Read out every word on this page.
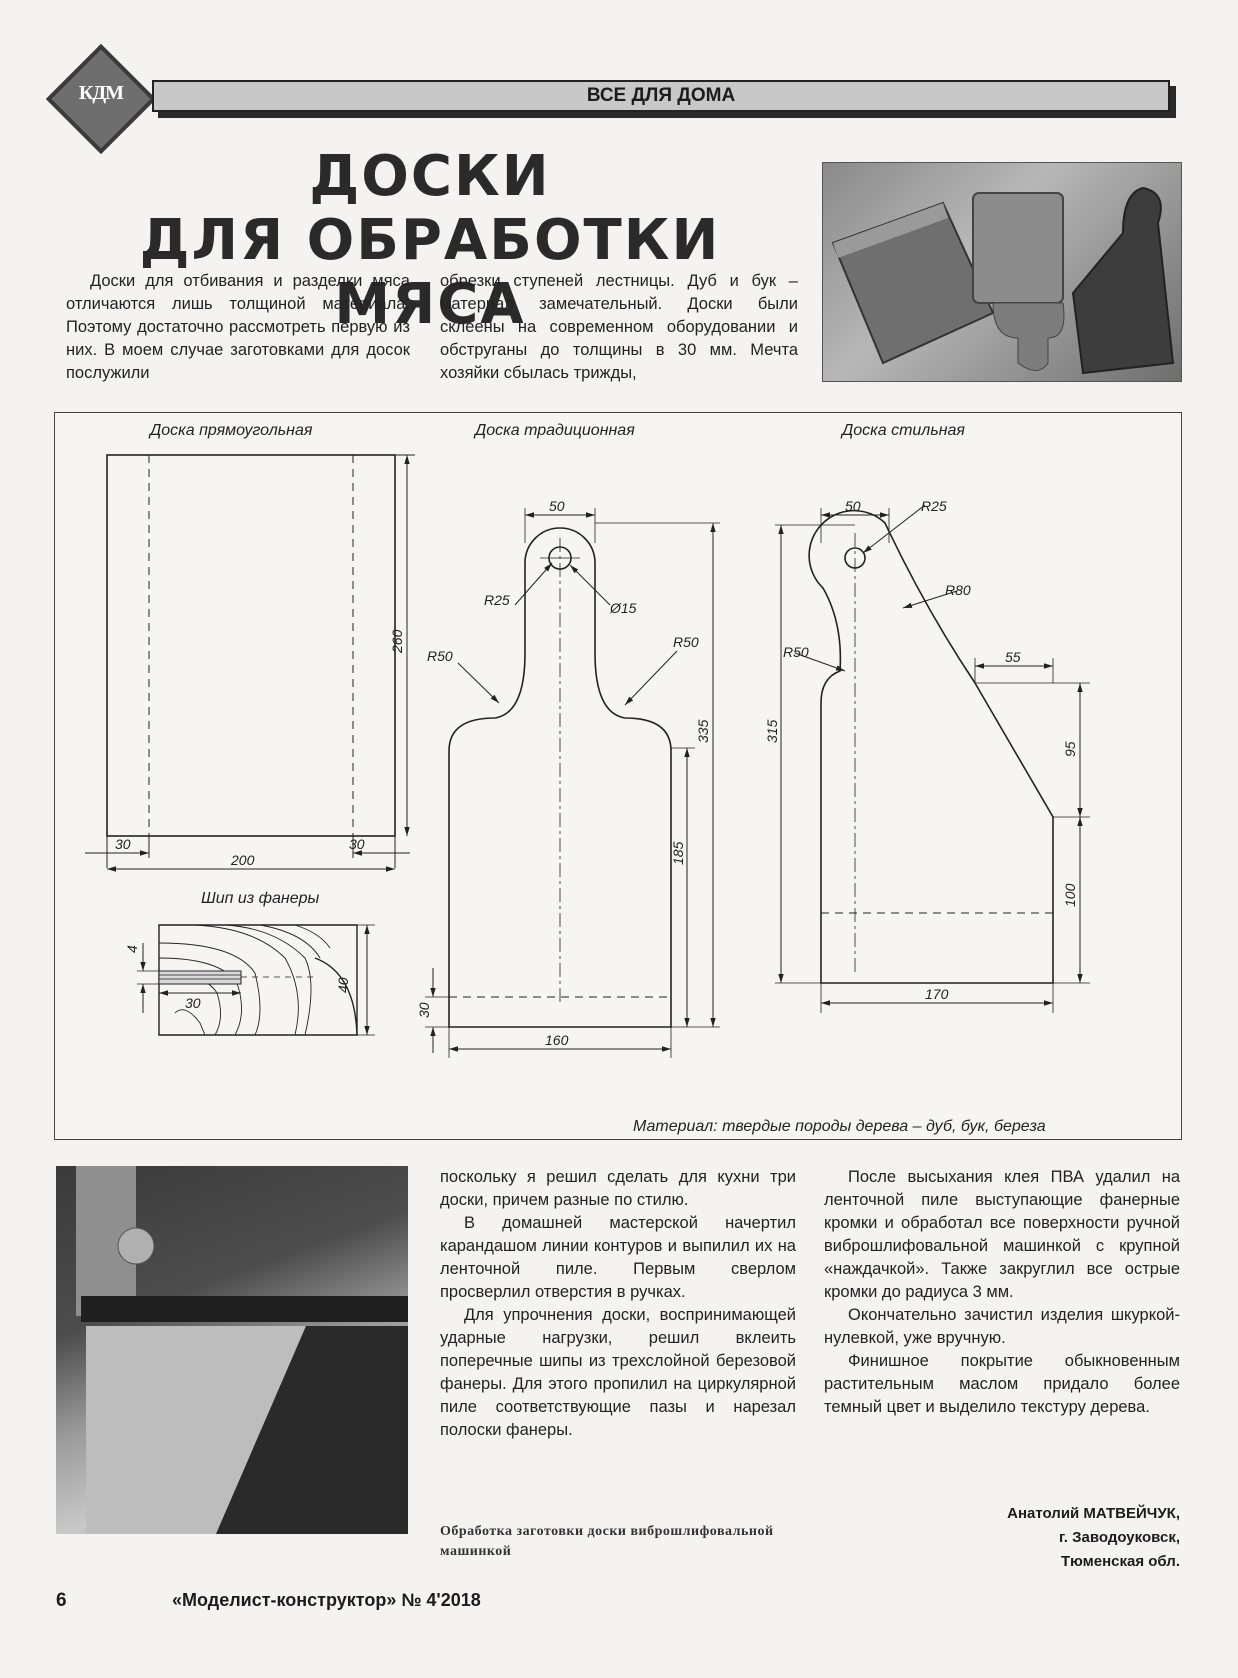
КДМ	ВСЕ ДЛЯ ДОМА
ДОСКИ
ДЛЯ ОБРАБОТКИ МЯСА

Доски для отбивания и разделки мяса отличаются лишь толщиной материала. Поэтому достаточно рассмотреть первую из них. В моем случае заготовками для досок послужили

обрезки ступеней лестницы. Дуб и бук – материал замечательный. Доски были склеены на современном оборудовании и обструганы до толщины в 30 мм. Мечта хозяйки сбылась трижды,

Доска прямоугольная	Доска традиционная	Доска стильная
Шип из фанеры
Материал: твердые породы дерева – дуб, бук, береза
30
200
30
260
4
30
40
50
R25	Ø15
R50
R50
335
185
30
160
50	R25
R80
R50	55
315
95
100
170

поскольку я решил сделать для кухни три доски, причем разные по стилю.

В домашней мастерской начертил карандашом линии контуров и выпилил их на ленточной пиле. Первым сверлом просверлил отверстия в ручках.

Для упрочнения доски, воспринимающей ударные нагрузки, решил вклеить поперечные шипы из трехслойной березовой фанеры. Для этого пропилил на циркулярной пиле соответствующие пазы и нарезал полоски фанеры.

После высыхания клея ПВА удалил на ленточной пиле выступающие фанерные кромки и обработал все поверхности ручной виброшлифовальной машинкой с крупной «наждачкой». Также закруглил все острые кромки до радиуса 3 мм.

Окончательно зачистил изделия шкуркой-нулевкой, уже вручную.

Финишное покрытие обыкновенным растительным маслом придало более темный цвет и выделило текстуру дерева.

Обработка заготовки доски виброшлифовальной машинкой
Анатолий МАТВЕЙЧУК,
г. Заводоуковск,
Тюменская обл.
6	«Моделист-конструктор» № 4'2018
